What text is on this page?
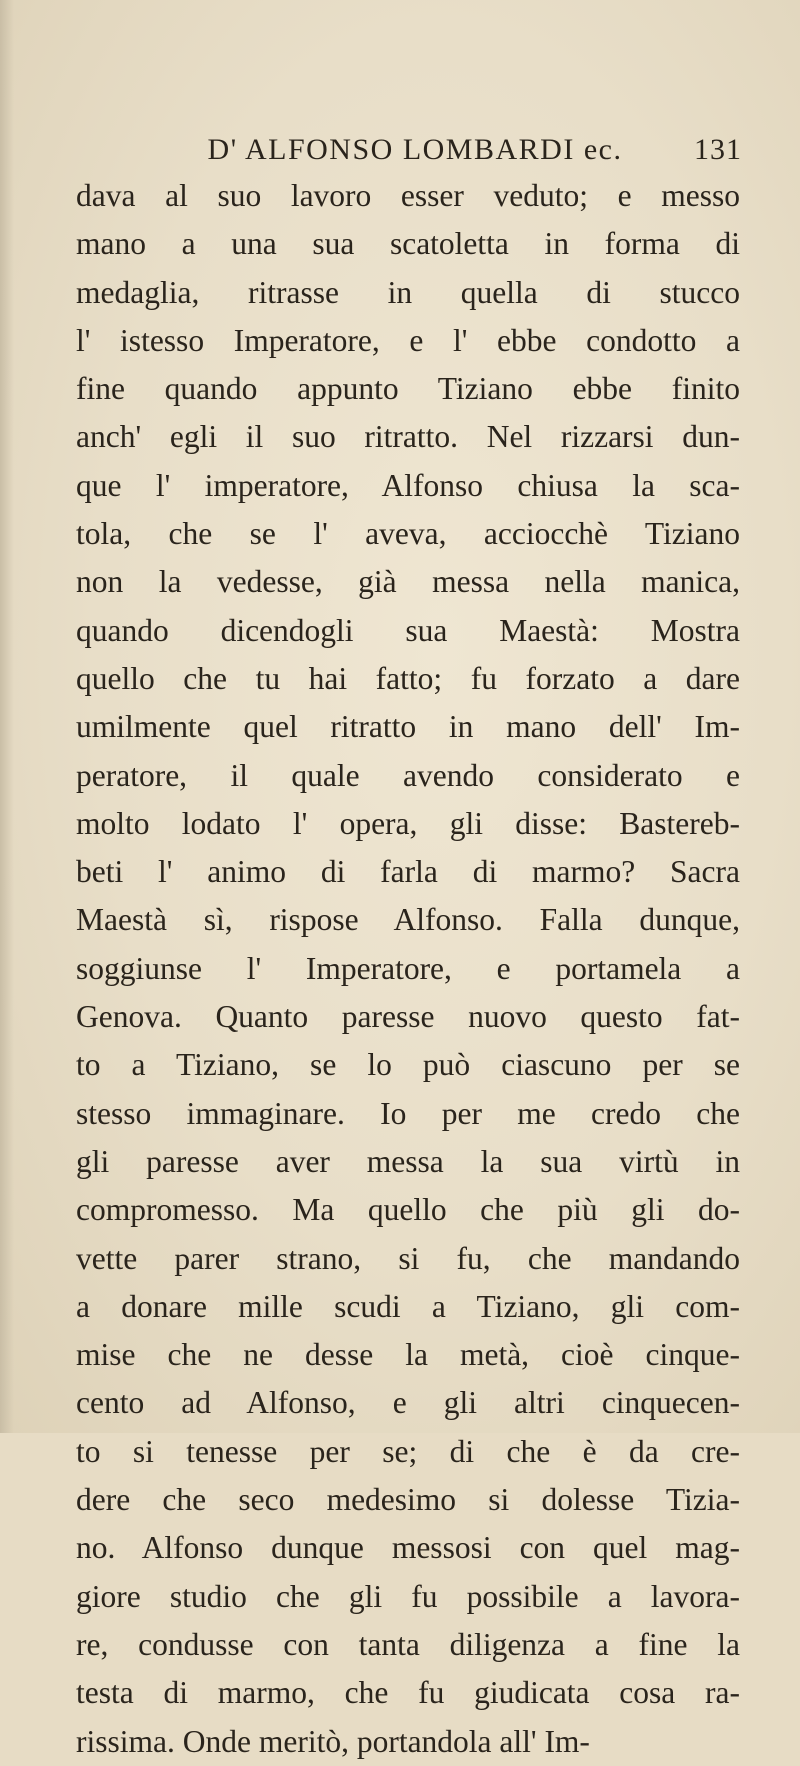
D' ALFONSO LOMBARDI ec.	131
dava al suo lavoro esser veduto; e messo
mano a una sua scatoletta in forma di
medaglia, ritrasse in quella di stucco
l' istesso Imperatore, e l' ebbe condotto a
fine quando appunto Tiziano ebbe finito
anch' egli il suo ritratto. Nel rizzarsi dun-
que l' imperatore, Alfonso chiusa la sca-
tola, che se l' aveva, acciocchè Tiziano
non la vedesse, già messa nella manica,
quando dicendogli sua Maestà: Mostra
quello che tu hai fatto; fu forzato a dare
umilmente quel ritratto in mano dell' Im-
peratore, il quale avendo considerato e
molto lodato l' opera, gli disse: Bastereb-
beti l' animo di farla di marmo? Sacra
Maestà sì, rispose Alfonso. Falla dunque,
soggiunse l' Imperatore, e portamela a
Genova. Quanto paresse nuovo questo fat-
to a Tiziano, se lo può ciascuno per se
stesso immaginare. Io per me credo che
gli paresse aver messa la sua virtù in
compromesso. Ma quello che più gli do-
vette parer strano, si fu, che mandando
a donare mille scudi a Tiziano, gli com-
mise che ne desse la metà, cioè cinque-
cento ad Alfonso, e gli altri cinquecen-
to si tenesse per se; di che è da cre-
dere che seco medesimo si dolesse Tizia-
no. Alfonso dunque messosi con quel mag-
giore studio che gli fu possibile a lavora-
re, condusse con tanta diligenza a fine la
testa di marmo, che fu giudicata cosa ra-
rissima. Onde meritò, portandola all' Im-
